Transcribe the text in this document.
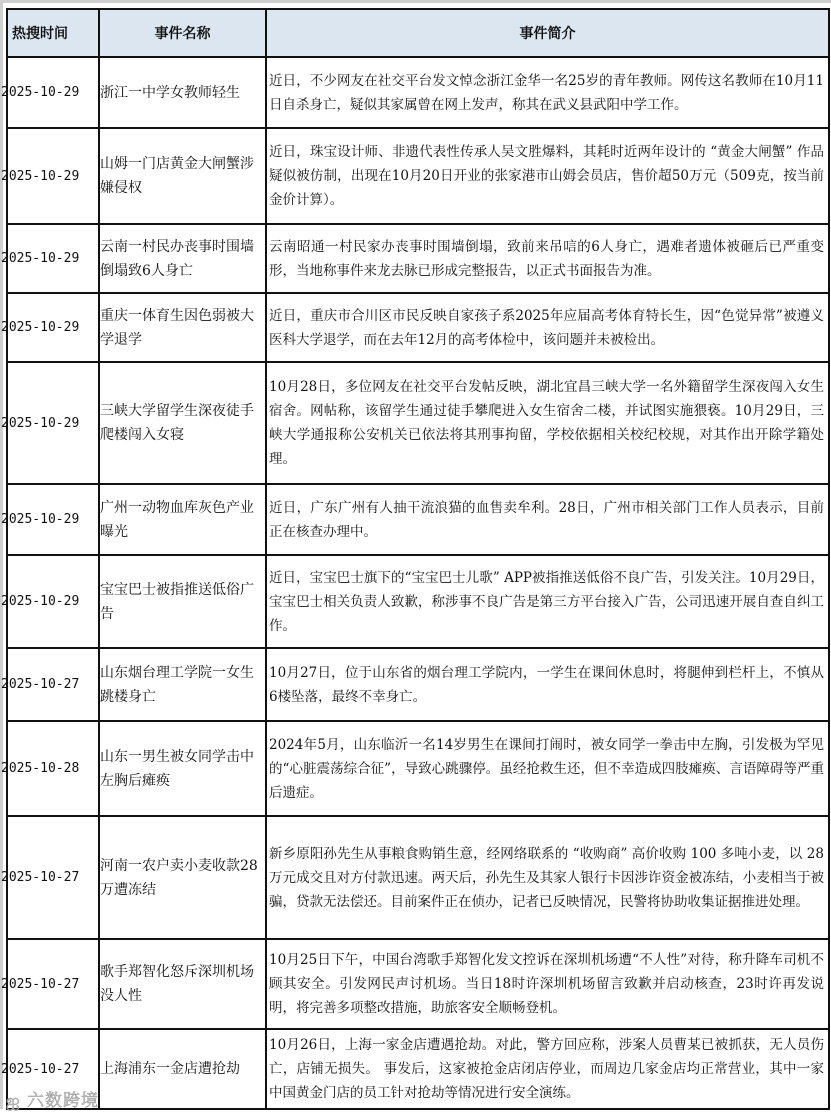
热搜时间	事件名称	事件简介
2025-10-29	浙江一中学女教师轻生	近日，不少网友在社交平台发文悼念浙江金华一名25岁的青年教师。网传这名教师在10月11日自杀身亡，疑似其家属曾在网上发声，称其在武义县武阳中学工作。
2025-10-29	山姆一门店黄金大闸蟹涉嫌侵权	近日，珠宝设计师、非遗代表性传承人吴文胜爆料，其耗时近两年设计的 “黄金大闸蟹” 作品疑似被仿制，出现在10月20日开业的张家港市山姆会员店，售价超50万元（509克，按当前金价计算）。
2025-10-29	云南一村民办丧事时围墙倒塌致6人身亡	云南昭通一村民家办丧事时围墙倒塌，致前来吊唁的6人身亡，遇难者遗体被砸后已严重变形，当地称事件来龙去脉已形成完整报告，以正式书面报告为准。
2025-10-29	重庆一体育生因色弱被大学退学	近日，重庆市合川区市民反映自家孩子系2025年应届高考体育特长生，因“色觉异常”被遵义医科大学退学，而在去年12月的高考体检中，该问题并未被检出。
2025-10-29	三峡大学留学生深夜徒手爬楼闯入女寝	10月28日，多位网友在社交平台发帖反映，湖北宜昌三峡大学一名外籍留学生深夜闯入女生宿舍。网帖称，该留学生通过徒手攀爬进入女生宿舍二楼，并试图实施猥亵。10月29日，三峡大学通报称公安机关已依法将其刑事拘留，学校依据相关校纪校规，对其作出开除学籍处理。
2025-10-29	广州一动物血库灰色产业曝光	近日，广东广州有人抽干流浪猫的血售卖牟利。28日，广州市相关部门工作人员表示，目前正在核查办理中。
2025-10-29	宝宝巴士被指推送低俗广告	近日，宝宝巴士旗下的“宝宝巴士儿歌” APP被指推送低俗不良广告，引发关注。10月29日，宝宝巴士相关负责人致歉，称涉事不良广告是第三方平台接入广告，公司迅速开展自查自纠工作。
2025-10-27	山东烟台理工学院一女生跳楼身亡	10月27日，位于山东省的烟台理工学院内，一学生在课间休息时，将腿伸到栏杆上，不慎从6楼坠落，最终不幸身亡。
2025-10-28	山东一男生被女同学击中左胸后瘫痪	2024年5月，山东临沂一名14岁男生在课间打闹时，被女同学一拳击中左胸，引发极为罕见的“心脏震荡综合征”，导致心跳骤停。虽经抢救生还，但不幸造成四肢瘫痪、言语障碍等严重后遗症。
2025-10-27	河南一农户卖小麦收款28万遭冻结	新乡原阳孙先生从事粮食购销生意，经网络联系的 “收购商” 高价收购 100 多吨小麦，以 28 万元成交且对方付款迅速。两天后，孙先生及其家人银行卡因涉诈资金被冻结，小麦相当于被骗，贷款无法偿还。目前案件正在侦办，记者已反映情况，民警将协助收集证据推进处理。
2025-10-27	歌手郑智化怒斥深圳机场没人性	10月25日下午，中国台湾歌手郑智化发文控诉在深圳机场遭“不人性”对待，称升降车司机不顾其安全。引发网民声讨机场。当日18时许深圳机场留言致歉并启动核查，23时许再发说明，将完善多项整改措施，助旅客安全顺畅登机。
2025-10-27	上海浦东一金店遭抢劫	10月26日，上海一家金店遭遇抢劫。对此，警方回应称，涉案人员曹某已被抓获，无人员伤亡，店铺无损失。 事发后，这家被抢金店闭店停业，而周边几家金店均正常营业，其中一家中国黄金门店的员工针对抢劫等情况进行安全演练。
ஐ 六数跨境
